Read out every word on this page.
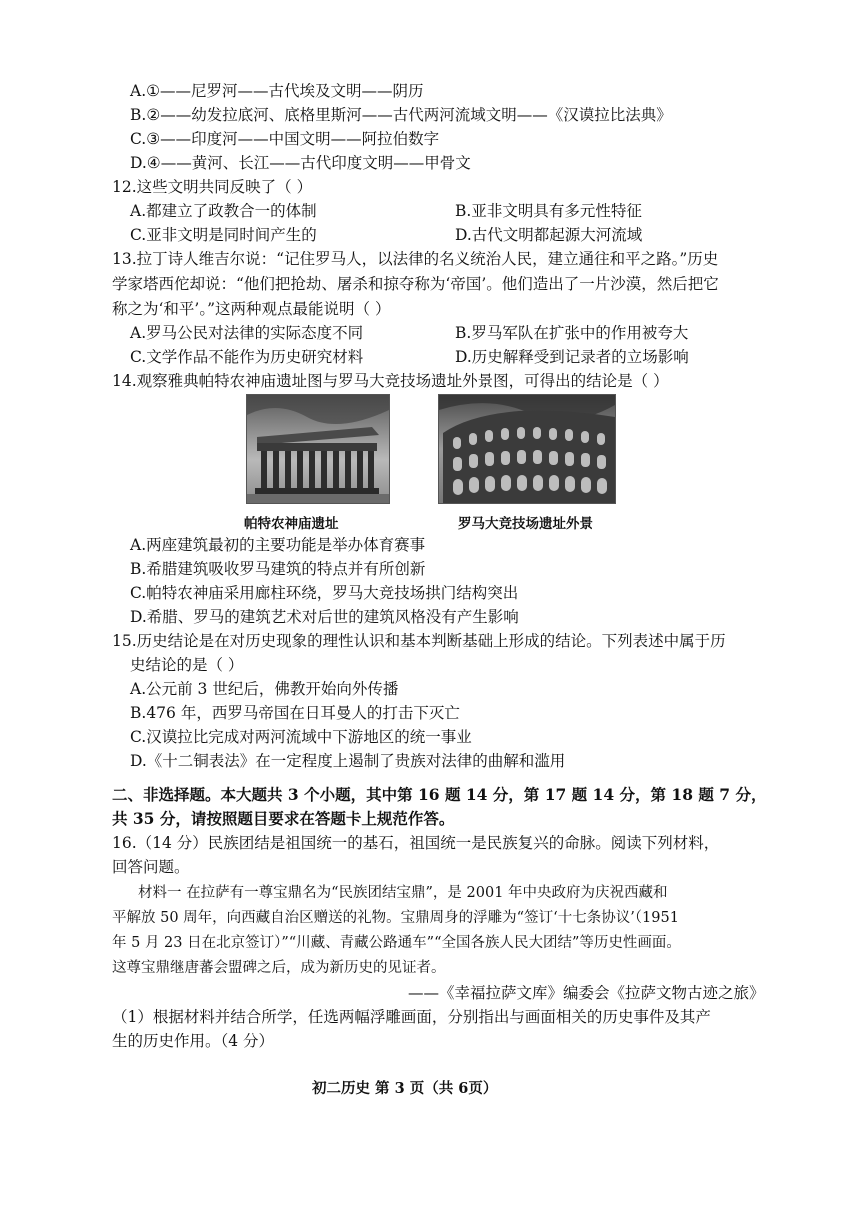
A.①——尼罗河——古代埃及文明——阴历
B.②——幼发拉底河、底格里斯河——古代两河流域文明——《汉谟拉比法典》
C.③——印度河——中国文明——阿拉伯数字
D.④——黄河、长江——古代印度文明——甲骨文
12.这些文明共同反映了（ ）
A.都建立了政教合一的体制	B.亚非文明具有多元性特征
C.亚非文明是同时间产生的	D.古代文明都起源大河流域
13.拉丁诗人维吉尔说：“记住罗马人，以法律的名义统治人民，建立通往和平之路。”历史
学家塔西佗却说：“他们把抢劫、屠杀和掠夺称为‘帝国’。他们造出了一片沙漠，然后把它
称之为‘和平’。”这两种观点最能说明（ ）
A.罗马公民对法律的实际态度不同	B.罗马军队在扩张中的作用被夸大
C.文学作品不能作为历史研究材料	D.历史解释受到记录者的立场影响
14.观察雅典帕特农神庙遗址图与罗马大竞技场遗址外景图，可得出的结论是（ ）
帕特农神庙遗址	罗马大竞技场遗址外景
A.两座建筑最初的主要功能是举办体育赛事
B.希腊建筑吸收罗马建筑的特点并有所创新
C.帕特农神庙采用廊柱环绕，罗马大竞技场拱门结构突出
D.希腊、罗马的建筑艺术对后世的建筑风格没有产生影响
15.历史结论是在对历史现象的理性认识和基本判断基础上形成的结论。下列表述中属于历
史结论的是（ ）
A.公元前 3 世纪后，佛教开始向外传播
B.476 年，西罗马帝国在日耳曼人的打击下灭亡
C.汉谟拉比完成对两河流域中下游地区的统一事业
D.《十二铜表法》在一定程度上遏制了贵族对法律的曲解和滥用
二、非选择题。本大题共 3 个小题，其中第 16 题 14 分，第 17 题 14 分，第 18 题 7 分，
共 35 分，请按照题目要求在答题卡上规范作答。
16.（14 分）民族团结是祖国统一的基石，祖国统一是民族复兴的命脉。阅读下列材料，
回答问题。
材料一 在拉萨有一尊宝鼎名为“民族团结宝鼎”，是 2001 年中央政府为庆祝西藏和
平解放 50 周年，向西藏自治区赠送的礼物。宝鼎周身的浮雕为“签订‘十七条协议’（1951
年 5 月 23 日在北京签订）”“川藏、青藏公路通车”“全国各族人民大团结”等历史性画面。
这尊宝鼎继唐蕃会盟碑之后，成为新历史的见证者。
——《幸福拉萨文库》编委会《拉萨文物古迹之旅》
（1）根据材料并结合所学，任选两幅浮雕画面，分别指出与画面相关的历史事件及其产
生的历史作用。（4 分）
初二历史 第 3 页（共 6页）
